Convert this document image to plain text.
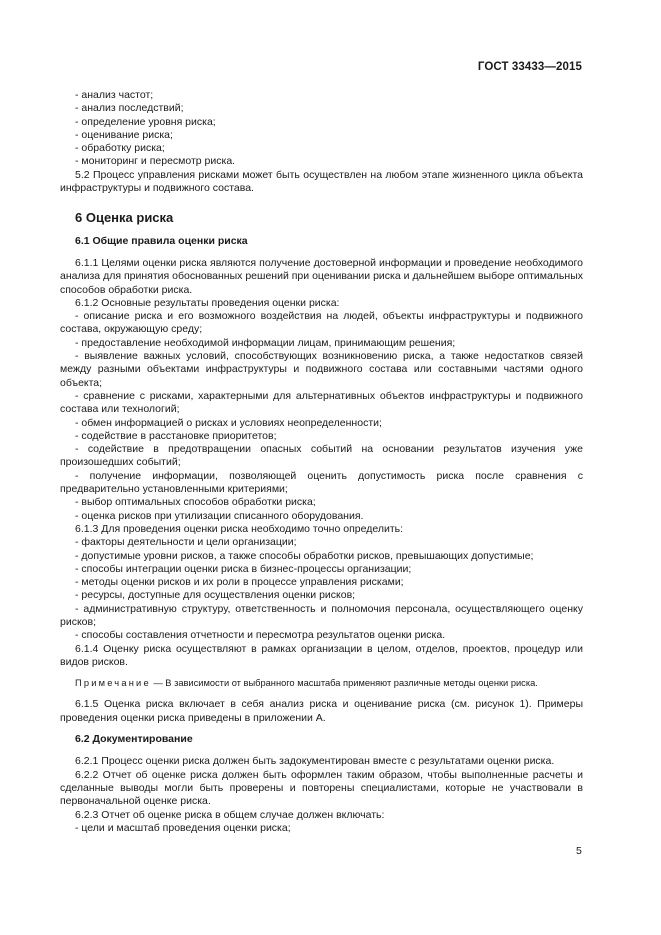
ГОСТ 33433—2015

- анализ частот;

- анализ последствий;

- определение уровня риска;

- оценивание риска;

- обработку риска;

- мониторинг и пересмотр риска.

5.2 Процесс управления рисками может быть осуществлен на любом этапе жизненного цикла объекта инфраструктуры и подвижного состава.

6 Оценка риска
6.1 Общие правила оценки риска

6.1.1 Целями оценки риска являются получение достоверной информации и проведение необходимого анализа для принятия обоснованных решений при оценивании риска и дальнейшем выборе оптимальных способов обработки риска.

6.1.2 Основные результаты проведения оценки риска:

- описание риска и его возможного воздействия на людей, объекты инфраструктуры и подвижного состава, окружающую среду;

- предоставление необходимой информации лицам, принимающим решения;

- выявление важных условий, способствующих возникновению риска, а также недостатков связей между разными объектами инфраструктуры и подвижного состава или составными частями одного объекта;

- сравнение с рисками, характерными для альтернативных объектов инфраструктуры и подвижного состава или технологий;

- обмен информацией о рисках и условиях неопределенности;

- содействие в расстановке приоритетов;

- содействие в предотвращении опасных событий на основании результатов изучения уже произошедших событий;

- получение информации, позволяющей оценить допустимость риска после сравнения с предварительно установленными критериями;

- выбор оптимальных способов обработки риска;

- оценка рисков при утилизации списанного оборудования.

6.1.3 Для проведения оценки риска необходимо точно определить:

- факторы деятельности и цели организации;

- допустимые уровни рисков, а также способы обработки рисков, превышающих допустимые;

- способы интеграции оценки риска в бизнес-процессы организации;

- методы оценки рисков и их роли в процессе управления рисками;

- ресурсы, доступные для осуществления оценки рисков;

- административную структуру, ответственность и полномочия персонала, осуществляющего оценку рисков;

- способы составления отчетности и пересмотра результатов оценки риска.

6.1.4 Оценку риска осуществляют в рамках организации в целом, отделов, проектов, процедур или видов рисков.

Примечание — В зависимости от выбранного масштаба применяют различные методы оценки риска.

6.1.5 Оценка риска включает в себя анализ риска и оценивание риска (см. рисунок 1). Примеры проведения оценки риска приведены в приложении А.

6.2 Документирование

6.2.1 Процесс оценки риска должен быть задокументирован вместе с результатами оценки риска.

6.2.2 Отчет об оценке риска должен быть оформлен таким образом, чтобы выполненные расчеты и сделанные выводы могли быть проверены и повторены специалистами, которые не участвовали в первоначальной оценке риска.

6.2.3 Отчет об оценке риска в общем случае должен включать:

- цели и масштаб проведения оценки риска;

5
